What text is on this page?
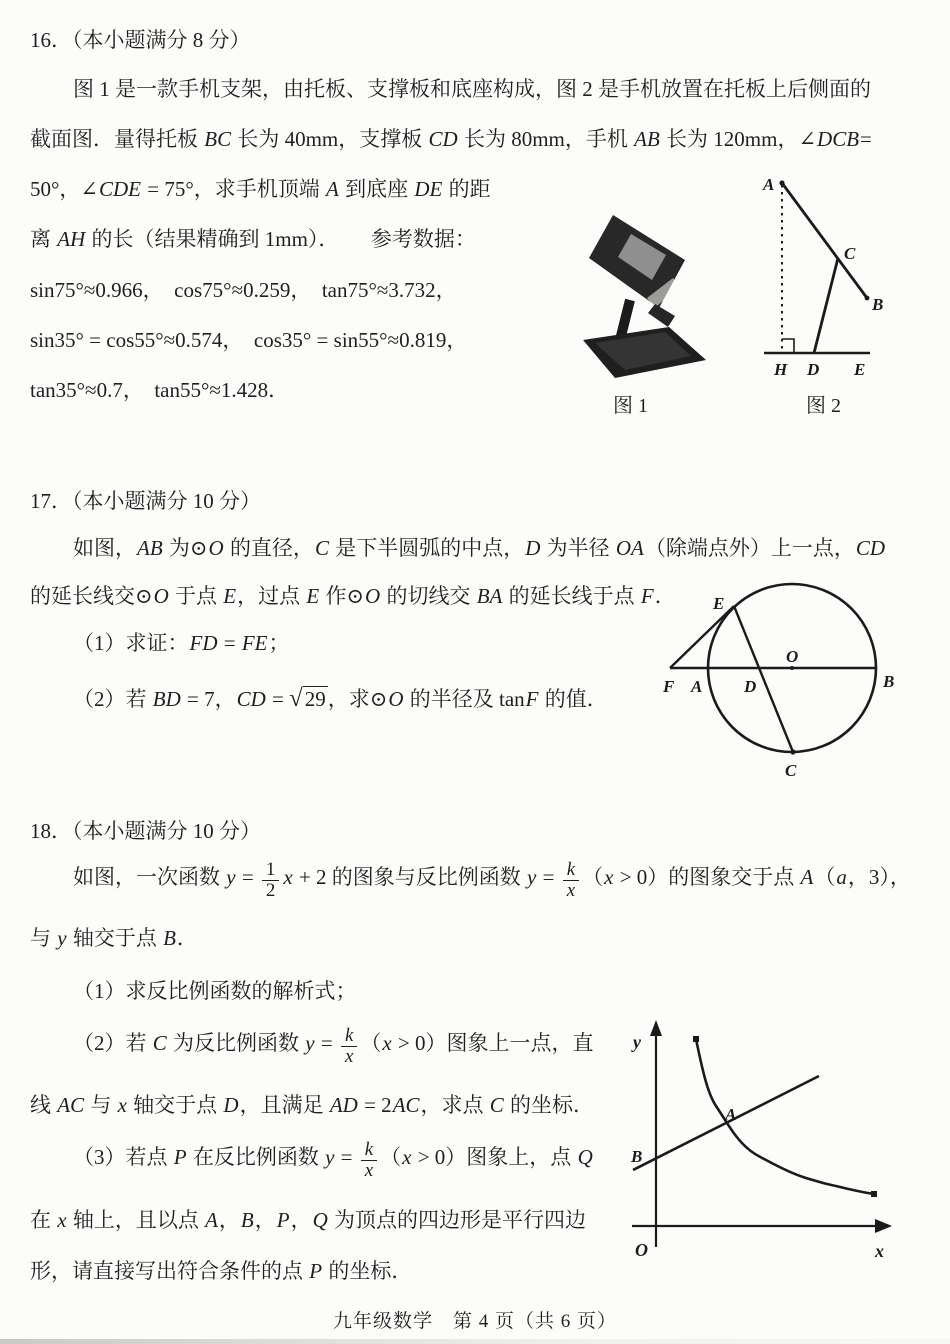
16．（本小题满分 8 分）
图 1 是一款手机支架，由托板、支撑板和底座构成，图 2 是手机放置在托板上后侧面的
截面图．量得托板 BC 长为 40mm，支撑板 CD 长为 80mm，手机 AB 长为 120mm，∠DCB=
50°，∠CDE = 75°，求手机顶端 A 到底座 DE 的距
离 AH 的长（结果精确到 1mm）．　　 参考数据：
sin75°≈0.966，  cos75°≈0.259，  tan75°≈3.732，
sin35° = cos55°≈0.574，  cos35° = sin55°≈0.819，
tan35°≈0.7，  tan55°≈1.428．
图 1
A
C
B
H D E
图 2
17．（本小题满分 10 分）
如图，AB 为⊙O 的直径，C 是下半圆弧的中点，D 为半径 OA（除端点外）上一点，CD
的延长线交⊙O 于点 E，过点 E 作⊙O 的切线交 BA 的延长线于点 F．
（1）求证：FD = FE；
（2）若 BD = 7，CD = √29，求⊙O 的半径及 tanF 的值．
E
O
B
F A D
C
18．（本小题满分 10 分）
如图，一次函数 $y = \frac{1}{2}$ x + 2 的图象与反比例函数 $y = \frac{k}{x} (x > 0)$的图象交于点 A（a，3），
与 y 轴交于点 B．
（1）求反比例函数的解析式；
（2）若 C 为反比例函数 $y = \frac{k}{x} (x > 0)$图象上一点，直
线 AC 与 x 轴交于点 D，且满足 AD = 2AC，求点 C 的坐标．
（3）若点 P 在反比例函数 $y = \frac{k}{x} (x > 0)$图象上，点 Q
在 x 轴上，且以点 A，B，P，Q 为顶点的四边形是平行四边
形，请直接写出符合条件的点 P 的坐标．
y
x
O
A
B
九年级数学　第 4 页（共 6 页）
